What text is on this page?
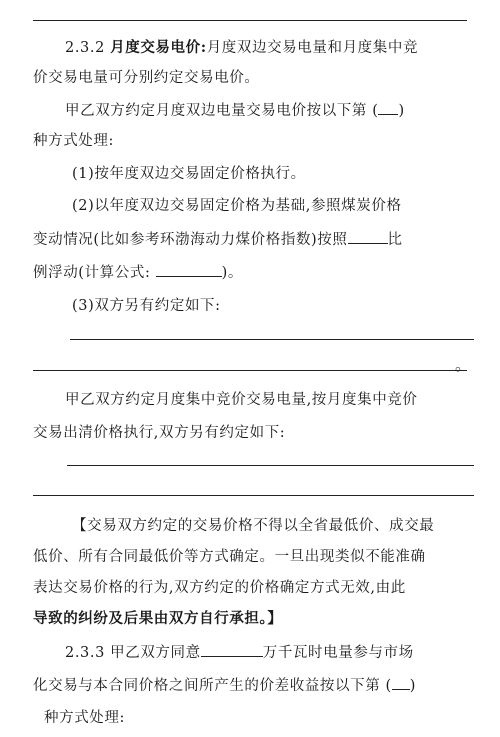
2.3.2 月度交易电价:月度双边交易电量和月度集中竞
价交易电量可分别约定交易电价。
甲乙双方约定月度双边电量交易电价按以下第 ( )
种方式处理:
(1)按年度双边交易固定价格执行。
(2)以年度双边交易固定价格为基础,参照煤炭价格
变动情况(比如参考环渤海动力煤价格指数)按照	比
例浮动(计算公式:	)。
(3)双方另有约定如下:
。
甲乙双方约定月度集中竞价交易电量,按月度集中竞价
交易出清价格执行,双方另有约定如下:
【交易双方约定的交易价格不得以全省最低价、成交最
低价、所有合同最低价等方式确定。一旦出现类似不能准确
表达交易价格的行为,双方约定的价格确定方式无效,由此
导致的纠纷及后果由双方自行承担。】
2.3.3 甲乙双方同意	万千瓦时电量参与市场
化交易与本合同价格之间所产生的价差收益按以下第 ( )
种方式处理:
